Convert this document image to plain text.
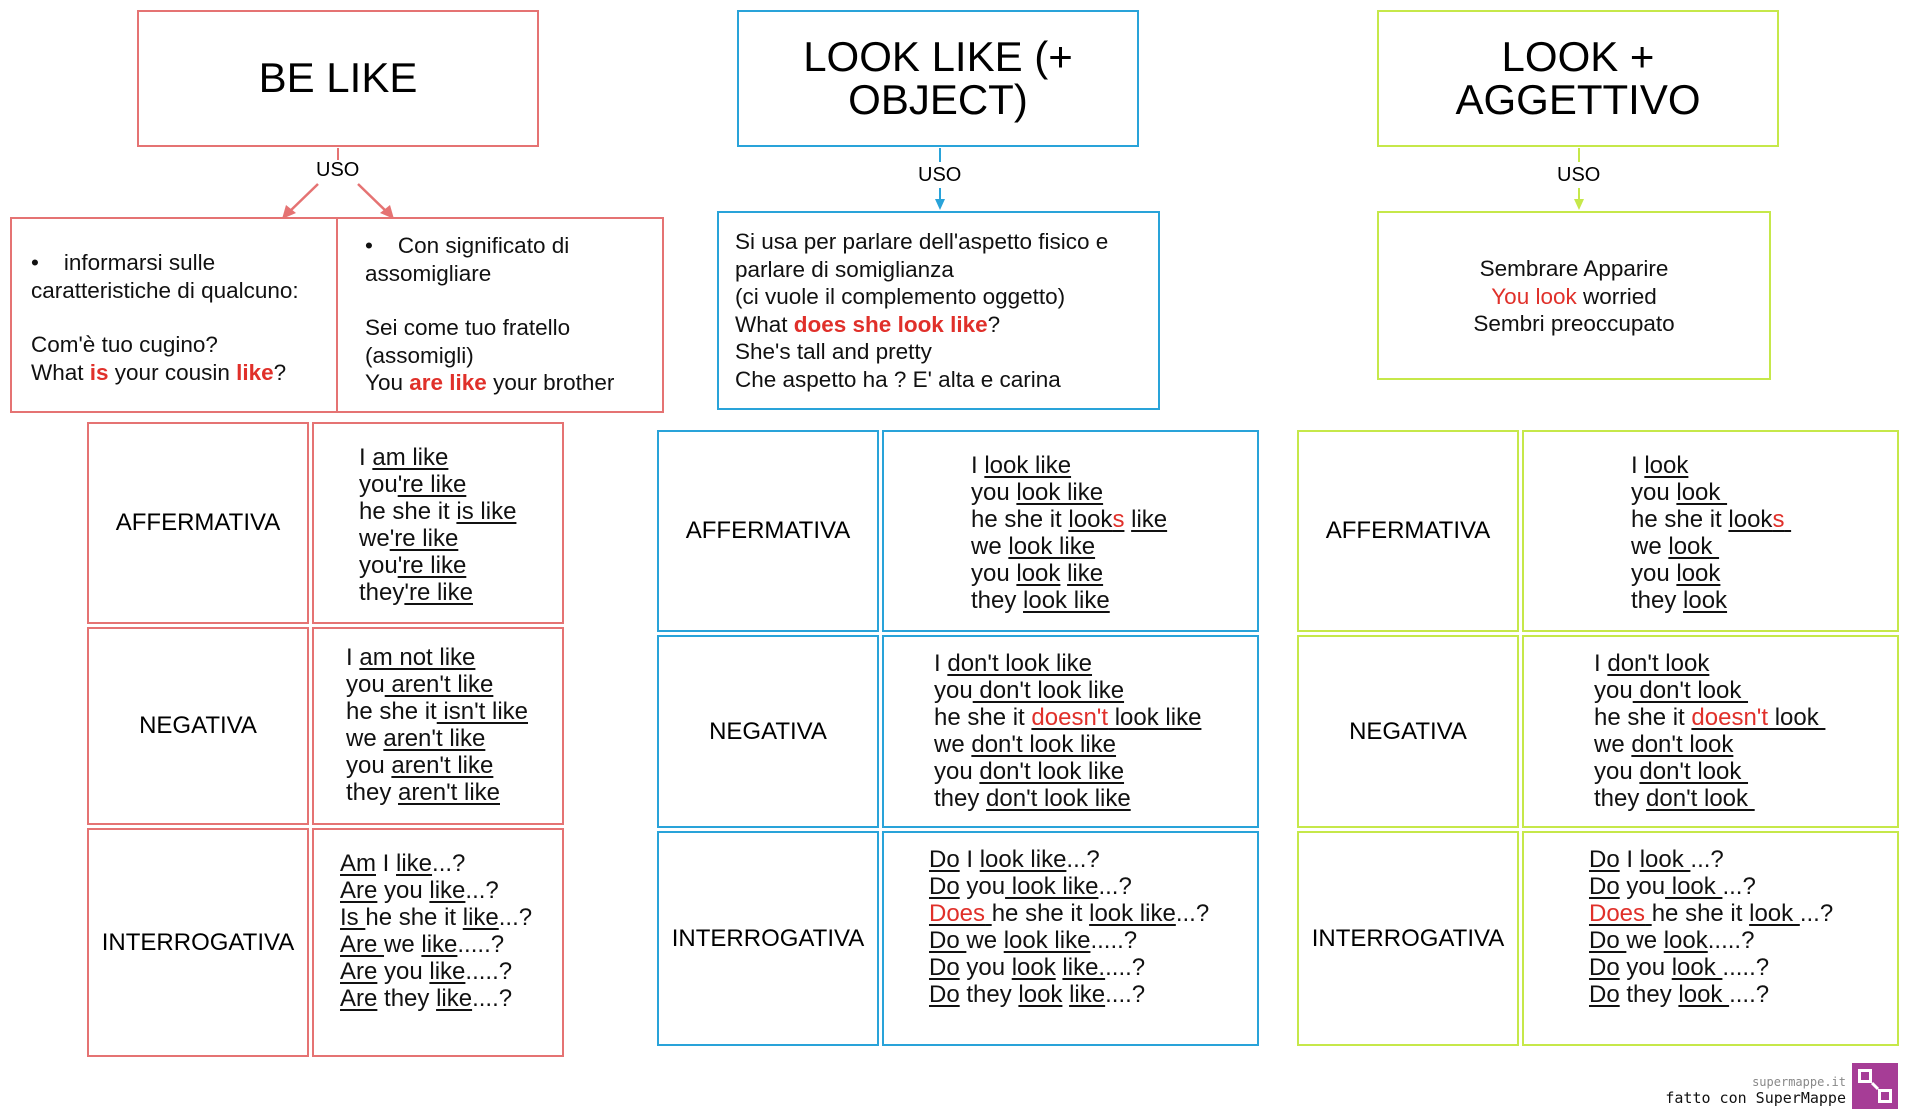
BE LIKE
USO
•    informarsi sulle
caratteristiche di qualcuno:
Com'è tuo cugino?
What is your cousin like?
•    Con significato di
assomigliare
Sei come tuo fratello
(assomigli)
You are like your brother
AFFERMATIVA
I am like
you're like
he she it is like
we're like
you're like
they're like
NEGATIVA
I am not like
you aren't like
he she it isn't like
we aren't like
you aren't like
they aren't like
INTERROGATIVA
Am I like...?
Are you like...?
Is he she it like...?
Are we like.....?
Are you like.....?
Are they like....?
LOOK LIKE (+ OBJECT)
USO
Si usa per parlare dell'aspetto fisico e
parlare di somiglianza
(ci vuole il complemento oggetto)
What does she look like?
She's tall and pretty
Che aspetto ha ? E' alta e carina
AFFERMATIVA
I look like
you look like
he she it looks like
we look like
you look like
they look like
NEGATIVA
I don't look like
you don't look like
he she it doesn't look like
we don't look like
you don't look like
they don't look like
INTERROGATIVA
Do I look like...?
Do you look like...?
Does he she it look like...?
Do we look like.....?
Do you look like.....?
Do they look like....?
LOOK + AGGETTIVO
USO
Sembrare Apparire
You look worried
Sembri preoccupato
AFFERMATIVA
I look
you look
he she it looks
we look
you look
they look
NEGATIVA
I don't look
you don't look
he she it doesn't look
we don't look
you don't look
they don't look
INTERROGATIVA
Do I look ...?
Do you look ...?
Does he she it look ...?
Do we look.....?
Do you look .....?
Do they look ....?
supermappe.it
fatto con SuperMappe
